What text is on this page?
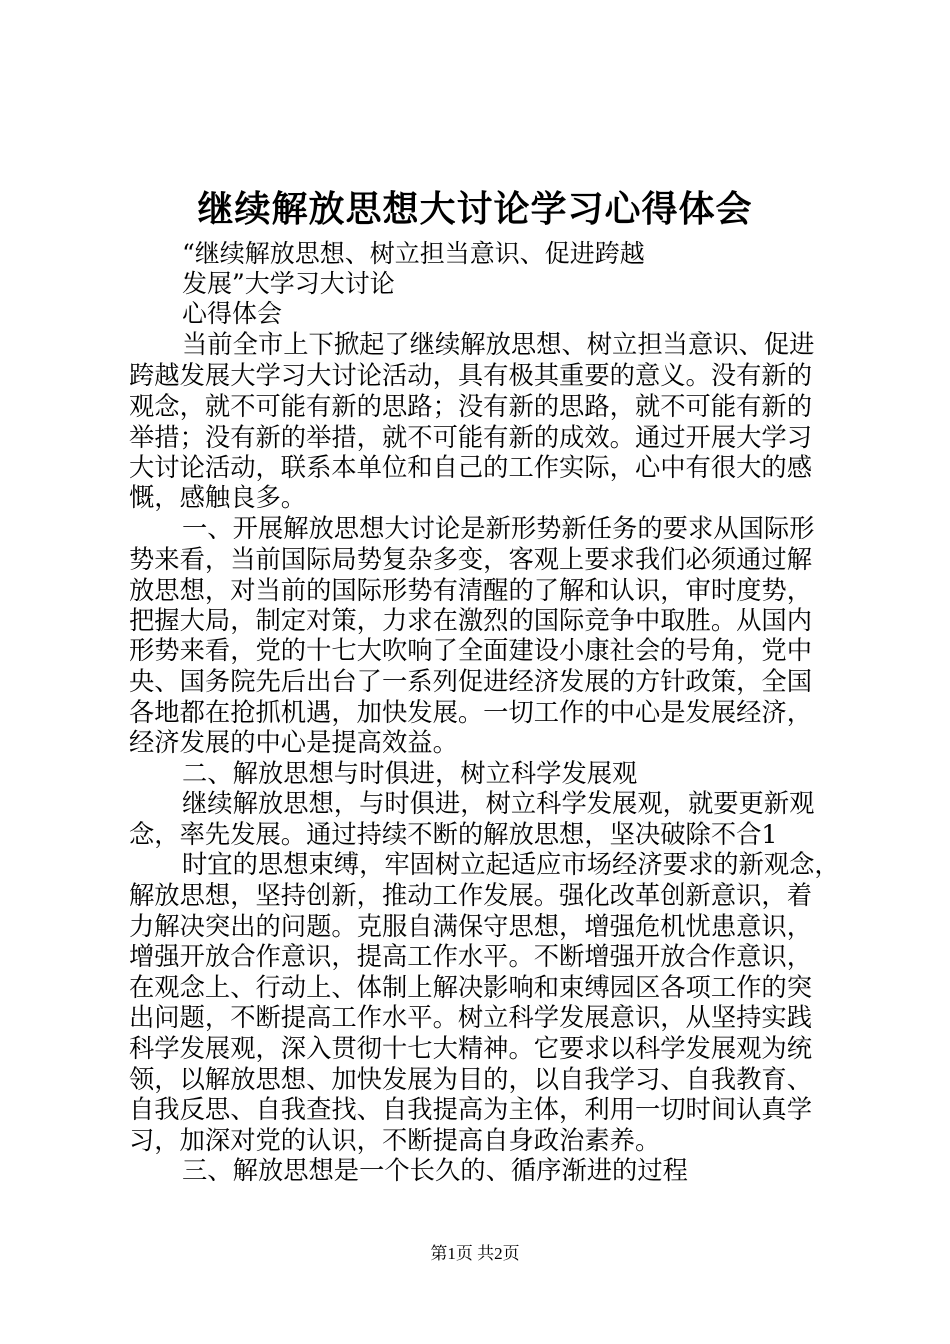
继续解放思想大讨论学习心得体会
“继续解放思想、树立担当意识、促进跨越
发展”大学习大讨论
心得体会
当前全市上下掀起了继续解放思想、树立担当意识、促进
跨越发展大学习大讨论活动，具有极其重要的意义。没有新的
观念，就不可能有新的思路；没有新的思路，就不可能有新的
举措；没有新的举措，就不可能有新的成效。通过开展大学习
大讨论活动，联系本单位和自己的工作实际，心中有很大的感
慨，感触良多。
一、开展解放思想大讨论是新形势新任务的要求从国际形
势来看，当前国际局势复杂多变，客观上要求我们必须通过解
放思想，对当前的国际形势有清醒的了解和认识，审时度势，
把握大局，制定对策，力求在激烈的国际竞争中取胜。从国内
形势来看，党的十七大吹响了全面建设小康社会的号角，党中
央、国务院先后出台了一系列促进经济发展的方针政策，全国
各地都在抢抓机遇，加快发展。一切工作的中心是发展经济，
经济发展的中心是提高效益。
二、解放思想与时俱进，树立科学发展观
继续解放思想，与时俱进，树立科学发展观，就要更新观
念，率先发展。通过持续不断的解放思想，坚决破除不合1
时宜的思想束缚，牢固树立起适应市场经济要求的新观念，
解放思想，坚持创新，推动工作发展。强化改革创新意识，着
力解决突出的问题。克服自满保守思想，增强危机忧患意识，
增强开放合作意识，提高工作水平。不断增强开放合作意识，
在观念上、行动上、体制上解决影响和束缚园区各项工作的突
出问题，不断提高工作水平。树立科学发展意识，从坚持实践
科学发展观，深入贯彻十七大精神。它要求以科学发展观为统
领，以解放思想、加快发展为目的，以自我学习、自我教育、
自我反思、自我查找、自我提高为主体，利用一切时间认真学
习，加深对党的认识，不断提高自身政治素养。
三、解放思想是一个长久的、循序渐进的过程
第1页 共2页
